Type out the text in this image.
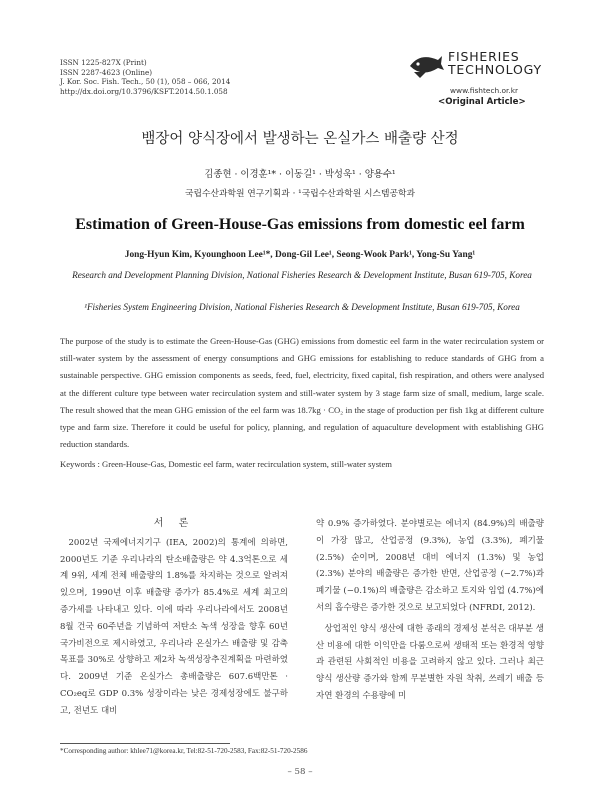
ISSN 1225-827X (Print)
ISSN 2287-4623 (Online)
J. Kor. Soc. Fish. Tech., 50 (1), 058 – 066, 2014
http://dx.doi.org/10.3796/KSFT.2014.50.1.058
FISHERIES
TECHNOLOGY
www.fishtech.or.kr
<Original Article>
뱀장어 양식장에서 발생하는 온실가스 배출량 산정
김종현 · 이경훈¹* · 이동길¹ · 박성욱¹ · 양용수¹
국립수산과학원 연구기획과 · ¹국립수산과학원 시스템공학과
Estimation of Green-House-Gas emissions from domestic eel farm
Jong-Hyun Kim, Kyounghoon Lee¹*, Dong-Gil Lee¹, Seong-Wook Park¹, Yong-Su Yang¹
Research and Development Planning Division, National Fisheries Research & Development Institute, Busan 619-705, Korea
¹Fisheries System Engineering Division, National Fisheries Research & Development Institute, Busan 619-705, Korea
The purpose of the study is to estimate the Green-House-Gas (GHG) emissions from domestic eel farm in the water recirculation system or still-water system by the assessment of energy consumptions and GHG emissions for establishing to reduce standards of GHG from a sustainable perspective. GHG emission components as seeds, feed, fuel, electricity, fixed capital, fish respiration, and others were analysed at the different culture type between water recirculation system and still-water system by 3 stage farm size of small, medium, large scale. The result showed that the mean GHG emission of the eel farm was 18.7kg · CO₂ in the stage of production per fish 1kg at different culture type and farm size. Therefore it could be useful for policy, planning, and regulation of aquaculture development with establishing GHG reduction standards.
Keywords : Green-House-Gas, Domestic eel farm, water recirculation system, still-water system
서 론

2002년 국제에너지기구 (IEA, 2002)의 통계에 의하면, 2000년도 기준 우리나라의 탄소배출량은 약 4.3억톤으로 세계 9위, 세계 전체 배출량의 1.8%를 차지하는 것으로 알려져 있으며, 1990년 이후 배출량 증가가 85.4%로 세계 최고의 증가세를 나타내고 있다. 이에 따라 우리나라에서도 2008년 8월 건국 60주년을 기념하여 저탄소 녹색 성장을 향후 60년 국가비전으로 제시하였고, 우리나라 온실가스 배출량 및 감축목표를 30%로 상향하고 제2차 녹색성장추진계획을 마련하였다. 2009년 기준 온실가스 총배출량은 607.6백만톤 · CO₂eq로 GDP 0.3% 성장이라는 낮은 경제성장에도 불구하고, 전년도 대비

약 0.9% 증가하였다. 분야별로는 에너지 (84.9%)의 배출량이 가장 많고, 산업공정 (9.3%), 농업 (3.3%), 폐기물 (2.5%) 순이며, 2008년 대비 에너지 (1.3%) 및 농업 (2.3%) 분야의 배출량은 증가한 반면, 산업공정 (−2.7%)과 폐기물 (−0.1%)의 배출량은 감소하고 토지와 임업 (4.7%)에서의 흡수량은 증가한 것으로 보고되었다 (NFRDI, 2012).

상업적인 양식 생산에 대한 종래의 경제성 분석은 대부분 생산 비용에 대한 이익만을 다룸으로써 생태적 또는 환경적 영향과 관련된 사회적인 비용을 고려하지 않고 있다. 그러나 최근 양식 생산량 증가와 함께 무분별한 자원 착취, 쓰레기 배출 등 자연 환경의 수용량에 미

*Corresponding author: khlee71@korea.kr, Tel:82-51-720-2583, Fax:82-51-720-2586
– 58 –
